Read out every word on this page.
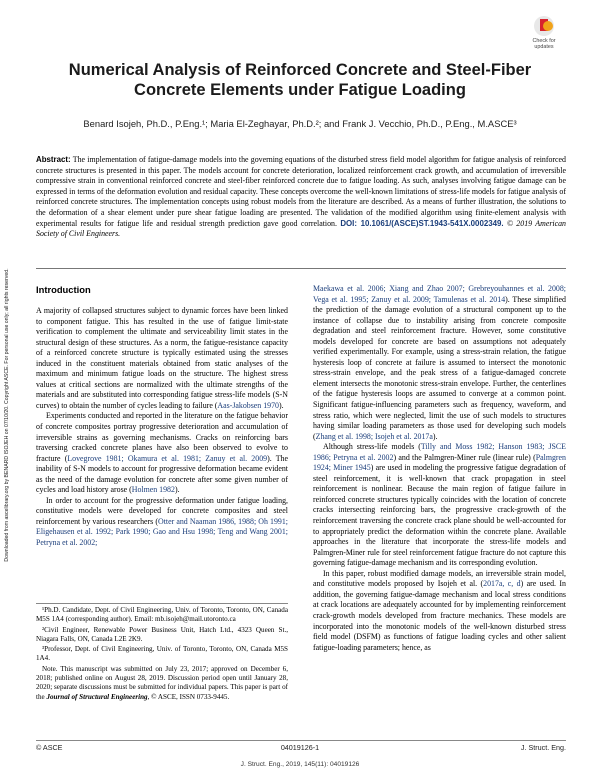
Downloaded from ascelibrary.org by BENARD ISOJEH on 07/10/20. Copyright ASCE. For personal use only; all rights reserved.
Check for
updates
Numerical Analysis of Reinforced Concrete and Steel-Fiber
Concrete Elements under Fatigue Loading
Benard Isojeh, Ph.D., P.Eng.¹; Maria El-Zeghayar, Ph.D.²; and Frank J. Vecchio, Ph.D., P.Eng., M.ASCE³
Abstract: The implementation of fatigue-damage models into the governing equations of the disturbed stress field model algorithm for fatigue analysis of reinforced concrete structures is presented in this paper. The models account for concrete deterioration, localized reinforcement crack growth, and accumulation of irreversible compressive strain in conventional reinforced concrete and steel-fiber reinforced concrete due to fatigue loading. As such, analyses involving fatigue damage can be expressed in terms of the deformation evolution and residual capacity. These concepts overcome the well-known limitations of stress-life models for fatigue analysis of reinforced concrete structures. The implementation concepts using robust models from the literature are described. As a means of further illustration, the solutions to the deformation of a shear element under pure shear fatigue loading are presented. The validation of the modified algorithm using finite-element analysis with experimental results for fatigue life and residual strength prediction gave good correlation. DOI: 10.1061/(ASCE)ST.1943-541X.0002349. © 2019 American Society of Civil Engineers.
Introduction

A majority of collapsed structures subject to dynamic forces have been linked to component fatigue. This has resulted in the use of fatigue limit-state verification to complement the ultimate and serviceability limit states in the structural design of these structures. As a norm, the fatigue-resistance capacity of a reinforced concrete structure is typically estimated using the stresses induced in the constituent materials obtained from static analyses of the maximum and minimum fatigue loads on the structure. The highest stress values at critical sections are normalized with the ultimate strengths of the materials and are substituted into corresponding fatigue stress-life models (S-N curves) to obtain the number of cycles leading to failure (Aas-Jakobsen 1970).

Experiments conducted and reported in the literature on the fatigue behavior of concrete composites portray progressive deterioration and accumulation of irreversible strains as governing mechanisms. Cracks on reinforcing bars traversing cracked concrete planes have also been observed to evolve to fracture (Lovegrove 1981; Okamura et al. 1981; Zanuy et al. 2009). The inability of S-N models to account for progressive deformation became evident as the need of the damage evolution for concrete after some given number of cycles and load history arose (Holmen 1982).

In order to account for the progressive deformation under fatigue loading, constitutive models were developed for concrete composites and steel reinforcement by various researchers (Otter and Naaman 1986, 1988; Oh 1991; Eligehausen et al. 1992; Park 1990; Gao and Hsu 1998; Teng and Wang 2001; Petryna et al. 2002;

¹Ph.D. Candidate, Dept. of Civil Engineering, Univ. of Toronto, Toronto, ON, Canada M5S 1A4 (corresponding author). Email: mb.isojeh@mail.utoronto.ca

²Civil Engineer, Renewable Power Business Unit, Hatch Ltd., 4323 Queen St., Niagara Falls, ON, Canada L2E 2K9.

³Professor, Dept. of Civil Engineering, Univ. of Toronto, Toronto, ON, Canada M5S 1A4.

Note. This manuscript was submitted on July 23, 2017; approved on December 6, 2018; published online on August 28, 2019. Discussion period open until January 28, 2020; separate discussions must be submitted for individual papers. This paper is part of the Journal of Structural Engineering, © ASCE, ISSN 0733-9445.

Maekawa et al. 2006; Xiang and Zhao 2007; Grebreyouhannes et al. 2008; Vega et al. 1995; Zanuy et al. 2009; Tamulenas et al. 2014). These simplified the prediction of the damage evolution of a structural component up to the instance of collapse due to instability arising from concrete composite degradation and steel reinforcement fracture. However, some constitutive models developed for concrete are based on assumptions not adequately verified experimentally. For example, using a stress-strain relation, the fatigue hysteresis loop of concrete at failure is assumed to intersect the monotonic stress-strain envelope, and the peak stress of a fatigue-damaged concrete element intersects the monotonic stress-strain envelope. Further, the centerlines of the fatigue hysteresis loops are assumed to converge at a common point. Significant fatigue-influencing parameters such as frequency, waveform, and stress ratio, which were neglected, limit the use of such models to structures having similar loading parameters as those used for developing such models (Zhang et al. 1998; Isojeh et al. 2017a).

Although stress-life models (Tilly and Moss 1982; Hanson 1983; JSCE 1986; Petryna et al. 2002) and the Palmgren-Miner rule (linear rule) (Palmgren 1924; Miner 1945) are used in modeling the progressive fatigue degradation of steel reinforcement, it is well-known that crack propagation in steel reinforcement is nonlinear. Because the main region of fatigue failure in reinforced concrete structures typically coincides with the location of concrete cracks intersecting reinforcing bars, the progressive crack-growth of the reinforcement traversing the concrete crack plane should be well-accounted for to appropriately predict the deformation within the concrete plane. Available approaches in the literature that incorporate the stress-life models and Palmgren-Miner rule for steel reinforcement fatigue fracture do not capture this governing fatigue-damage mechanism and its corresponding evolution.

In this paper, robust modified damage models, an irreversible strain model, and constitutive models proposed by Isojeh et al. (2017a, c, d) are used. In addition, the governing fatigue-damage mechanism and local stress conditions at crack locations are adequately accounted for by implementing reinforcement crack-growth models developed from fracture mechanics. These models are incorporated into the monotonic models of the well-known disturbed stress field model (DSFM) as functions of fatigue loading cycles and other salient fatigue-loading parameters; hence, as

© ASCE	04019126-1	J. Struct. Eng.
J. Struct. Eng., 2019, 145(11): 04019126
